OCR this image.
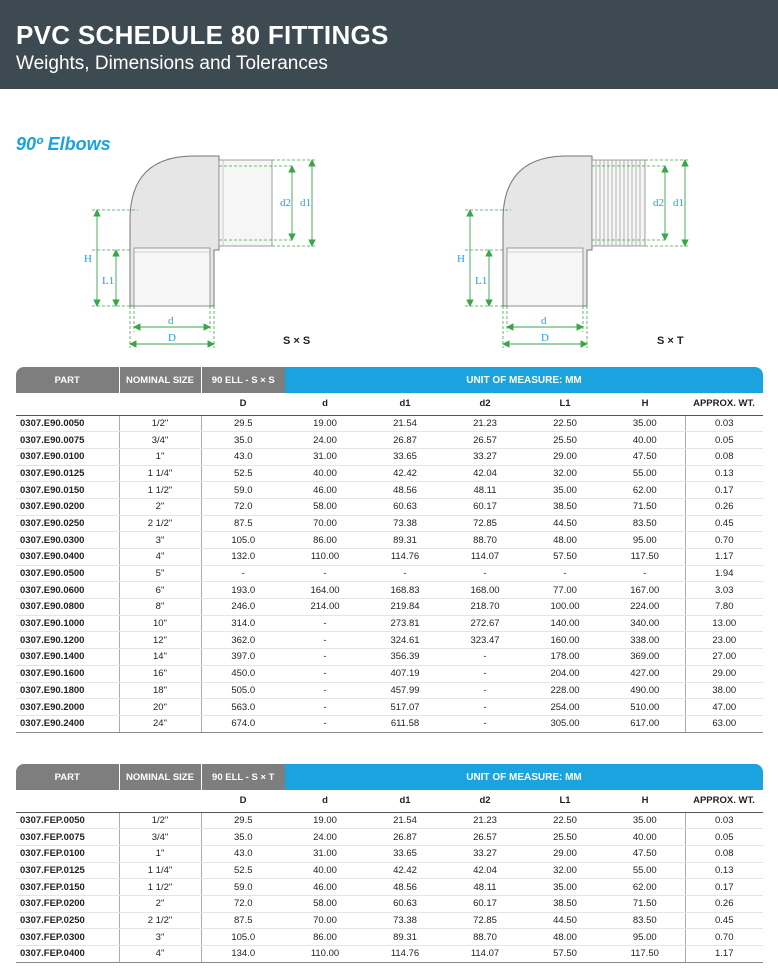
PVC SCHEDULE 80 FITTINGS
Weights, Dimensions and Tolerances
90º Elbows
d2 d1
H
L1
d
D	S × S
d2 d1
H
L1
d
D	S × T
PART	NOMINAL SIZE	90 ELL - S × S	UNIT OF MEASURE: MM					
		D	d	d1	d2	L1	H	APPROX. WT.
0307.E90.0050	1/2"	29.5	19.00	21.54	21.23	22.50	35.00	0.03
0307.E90.0075	3/4"	35.0	24.00	26.87	26.57	25.50	40.00	0.05
0307.E90.0100	1"	43.0	31.00	33.65	33.27	29.00	47.50	0.08
0307.E90.0125	1 1/4"	52.5	40.00	42.42	42.04	32.00	55.00	0.13
0307.E90.0150	1 1/2"	59.0	46.00	48.56	48.11	35.00	62.00	0.17
0307.E90.0200	2"	72.0	58.00	60.63	60.17	38.50	71.50	0.26
0307.E90.0250	2 1/2"	87.5	70.00	73.38	72.85	44.50	83.50	0.45
0307.E90.0300	3"	105.0	86.00	89.31	88.70	48.00	95.00	0.70
0307.E90.0400	4"	132.0	110.00	114.76	114.07	57.50	117.50	1.17
0307.E90.0500	5"	-	-	-	-	-	-	1.94
0307.E90.0600	6"	193.0	164.00	168.83	168.00	77.00	167.00	3.03
0307.E90.0800	8"	246.0	214.00	219.84	218.70	100.00	224.00	7.80
0307.E90.1000	10"	314.0	-	273.81	272.67	140.00	340.00	13.00
0307.E90.1200	12"	362.0	-	324.61	323.47	160.00	338.00	23.00
0307.E90.1400	14"	397.0	-	356.39	-	178.00	369.00	27.00
0307.E90.1600	16"	450.0	-	407.19	-	204.00	427.00	29.00
0307.E90.1800	18"	505.0	-	457.99	-	228.00	490.00	38.00
0307.E90.2000	20"	563.0	-	517.07	-	254.00	510.00	47.00
0307.E90.2400	24"	674.0	-	611.58	-	305.00	617.00	63.00
PART	NOMINAL SIZE	90 ELL - S × T	UNIT OF MEASURE: MM					
		D	d	d1	d2	L1	H	APPROX. WT.
0307.FEP.0050	1/2"	29.5	19.00	21.54	21.23	22.50	35.00	0.03
0307.FEP.0075	3/4"	35.0	24.00	26.87	26.57	25.50	40.00	0.05
0307.FEP.0100	1"	43.0	31.00	33.65	33.27	29.00	47.50	0.08
0307.FEP.0125	1 1/4"	52.5	40.00	42.42	42.04	32.00	55.00	0.13
0307.FEP.0150	1 1/2"	59.0	46.00	48.56	48.11	35.00	62.00	0.17
0307.FEP.0200	2"	72.0	58.00	60.63	60.17	38.50	71.50	0.26
0307.FEP.0250	2 1/2"	87.5	70.00	73.38	72.85	44.50	83.50	0.45
0307.FEP.0300	3"	105.0	86.00	89.31	88.70	48.00	95.00	0.70
0307.FEP.0400	4"	134.0	110.00	114.76	114.07	57.50	117.50	1.17
